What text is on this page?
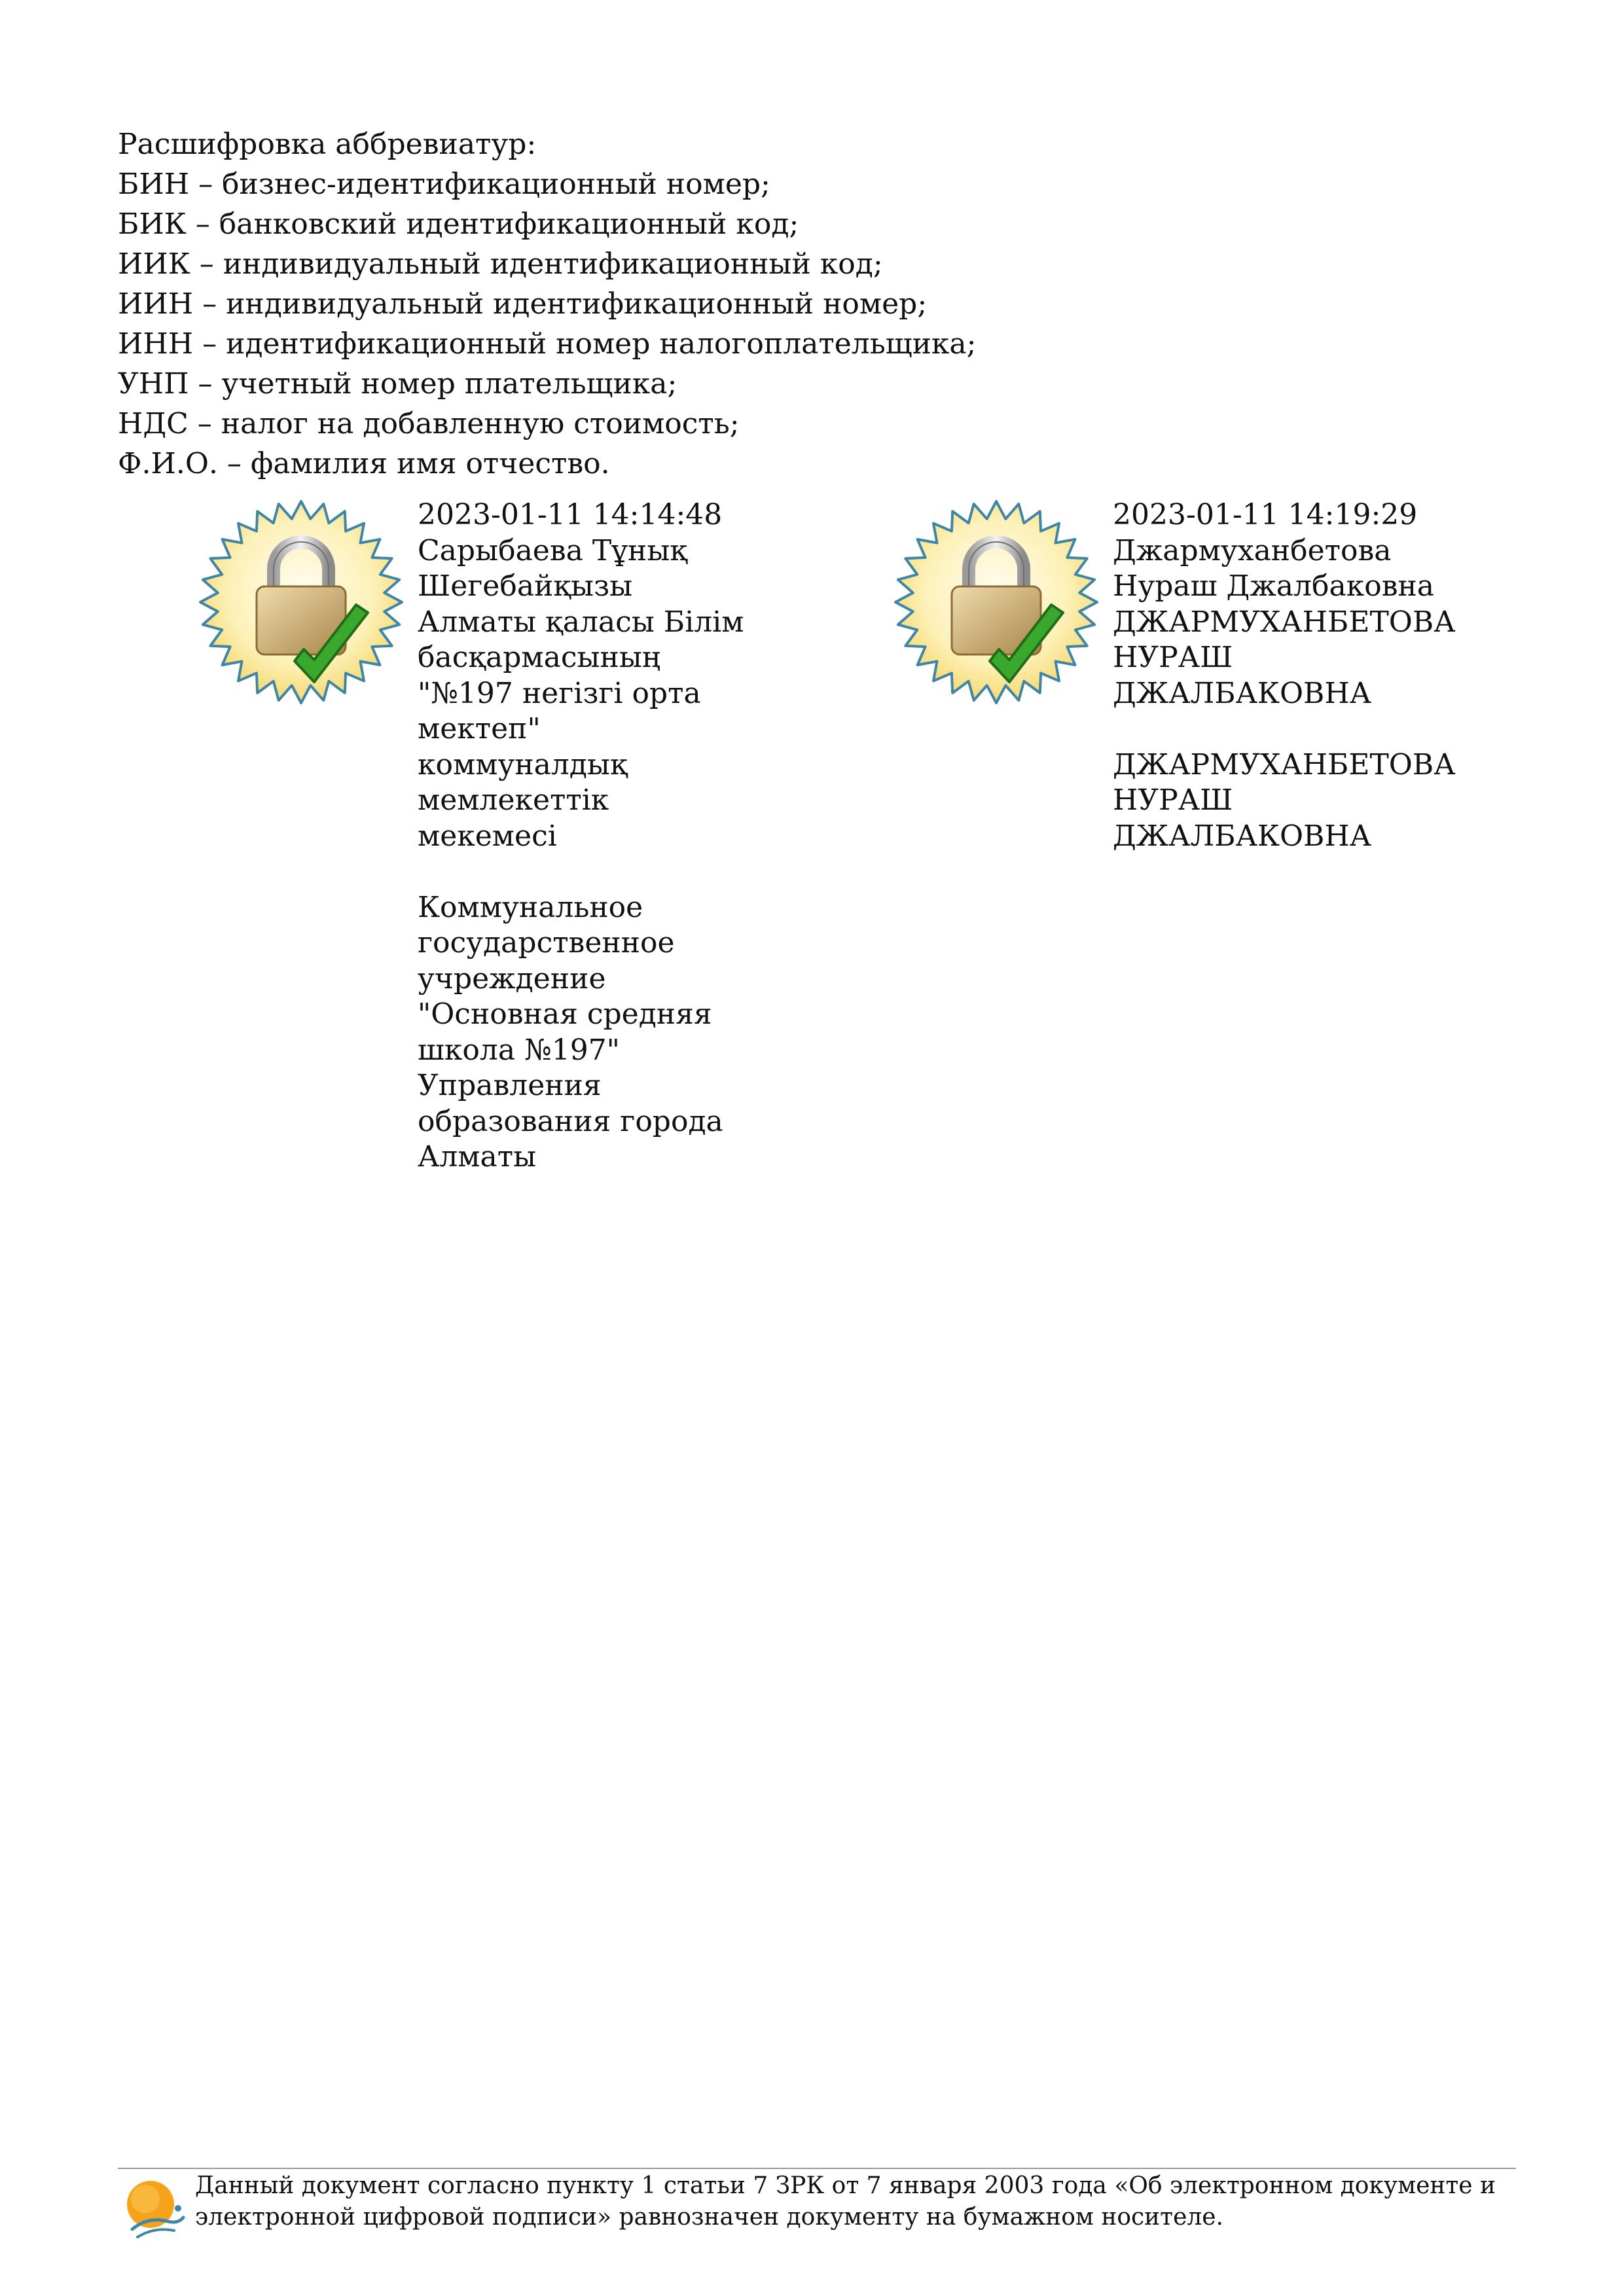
Расшифровка аббревиатур:
БИН – бизнес-идентификационный номер;
БИК – банковский идентификационный код;
ИИК – индивидуальный идентификационный код;
ИИН – индивидуальный идентификационный номер;
ИНН – идентификационный номер налогоплательщика;
УНП – учетный номер плательщика;
НДС – налог на добавленную стоимость;
Ф.И.О. – фамилия имя отчество.
2023-01-11 14:14:48
Сарыбаева Тұнық
Шегебайқызы
Алматы қаласы Білім
басқармасының
"№197 негізгі орта
мектеп"
коммуналдық
мемлекеттік
мекемесі
Коммунальное
государственное
учреждение
"Основная средняя
школа №197"
Управления
образования города
Алматы
2023-01-11 14:19:29
Джармуханбетова
Нураш Джалбаковна
ДЖАРМУХАНБЕТОВА
НУРАШ
ДЖАЛБАКОВНА
ДЖАРМУХАНБЕТОВА
НУРАШ
ДЖАЛБАКОВНА
Данный документ согласно пункту 1 статьи 7 ЗРК от 7 января 2003 года «Об электронном документе и
электронной цифровой подписи» равнозначен документу на бумажном носителе.
